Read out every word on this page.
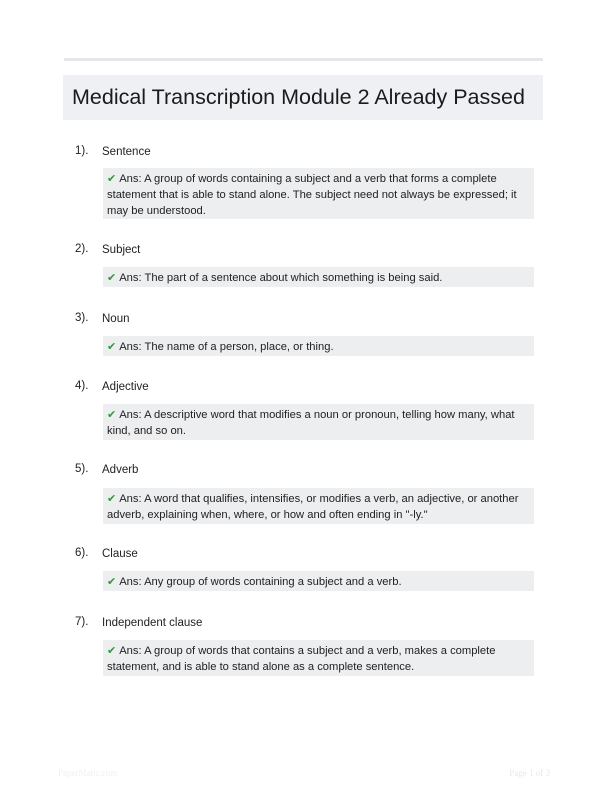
Medical Transcription Module 2 Already Passed
1). Sentence
✔ Ans: A group of words containing a subject and a verb that forms a complete statement that is able to stand alone. The subject need not always be expressed; it may be understood.
2). Subject
✔ Ans: The part of a sentence about which something is being said.
3). Noun
✔ Ans: The name of a person, place, or thing.
4). Adjective
✔ Ans: A descriptive word that modifies a noun or pronoun, telling how many, what kind, and so on.
5). Adverb
✔ Ans: A word that qualifies, intensifies, or modifies a verb, an adjective, or another adverb, explaining when, where, or how and often ending in "-ly."
6). Clause
✔ Ans: Any group of words containing a subject and a verb.
7). Independent clause
✔ Ans: A group of words that contains a subject and a verb, makes a complete statement, and is able to stand alone as a complete sentence.
PaperMatic.com	Page 1 of 3
